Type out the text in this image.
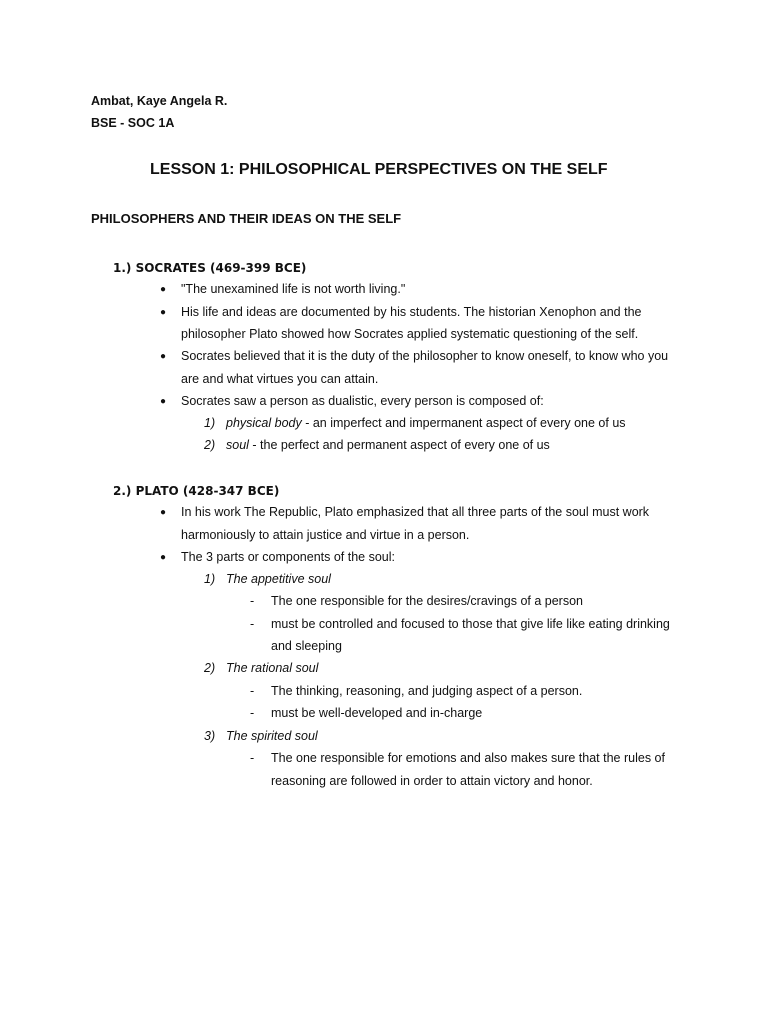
Ambat, Kaye Angela R.
BSE - SOC 1A
LESSON 1: PHILOSOPHICAL PERSPECTIVES ON THE SELF
PHILOSOPHERS AND THEIR IDEAS ON THE SELF
1.) SOCRATES (469-399 BCE)
● "The unexamined life is not worth living."
● His life and ideas are documented by his students. The historian Xenophon and the
philosopher Plato showed how Socrates applied systematic questioning of the self.
● Socrates believed that it is the duty of the philosopher to know oneself, to know who you
are and what virtues you can attain.
● Socrates saw a person as dualistic, every person is composed of:
1) physical body - an imperfect and impermanent aspect of every one of us
2) soul - the perfect and permanent aspect of every one of us
2.) PLATO (428-347 BCE)
● In his work The Republic, Plato emphasized that all three parts of the soul must work
harmoniously to attain justice and virtue in a person.
● The 3 parts or components of the soul:
1) The appetitive soul
- The one responsible for the desires/cravings of a person
- must be controlled and focused to those that give life like eating drinking
and sleeping
2) The rational soul
- The thinking, reasoning, and judging aspect of a person.
- must be well-developed and in-charge
3) The spirited soul
- The one responsible for emotions and also makes sure that the rules of
reasoning are followed in order to attain victory and honor.
